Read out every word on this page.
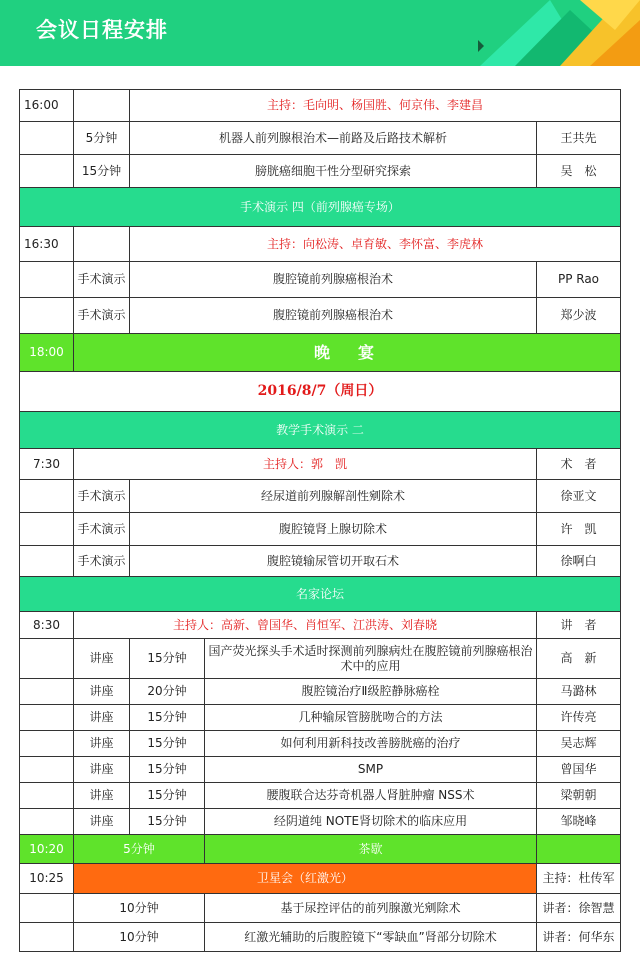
会议日程安排
16:00		主持：毛向明、杨国胜、何京伟、李建昌		
	5分钟	机器人前列腺根治术—前路及后路技术解析		王共先
	15分钟	膀胱癌细胞干性分型研究探索		吴　松
手术演示 四（前列腺癌专场）				
16:30		主持：向松涛、卓育敏、李怀富、李虎林		
	手术演示	腹腔镜前列腺癌根治术		PP Rao
	手术演示	腹腔镜前列腺癌根治术		郑少波
18:00	晚　宴			
2016/8/7（周日）				
教学手术演示 二				
7:30	主持人：郭　凯			术　者
	手术演示	经尿道前列腺解剖性剜除术		徐亚文
	手术演示	腹腔镜肾上腺切除术		许　凯
	手术演示	腹腔镜输尿管切开取石术		徐啊白
名家论坛				
8:30	主持人：高新、曾国华、肖恒军、江洪涛、刘春晓			讲　者
	讲座	15分钟	国产荧光探头手术适时探测前列腺病灶在腹腔镜前列腺癌根治术中的应用	高　新
	讲座	20分钟	腹腔镜治疗Ⅱ级腔静脉癌栓	马潞林
	讲座	15分钟	几种输尿管膀胱吻合的方法	许传亮
	讲座	15分钟	如何利用新科技改善膀胱癌的治疗	吴志辉
	讲座	15分钟	SMP	曾国华
	讲座	15分钟	腰腹联合达芬奇机器人肾脏肿瘤 NSS术	梁朝朝
	讲座	15分钟	经阴道纯 NOTE肾切除术的临床应用	邹晓峰
10:20	5分钟		茶歇	
10:25	卫星会（红激光）			主持：杜传军
	10分钟		基于尿控评估的前列腺激光剜除术	讲者：徐智慧
	10分钟		红激光辅助的后腹腔镜下“零缺血”肾部分切除术	讲者：何华东
